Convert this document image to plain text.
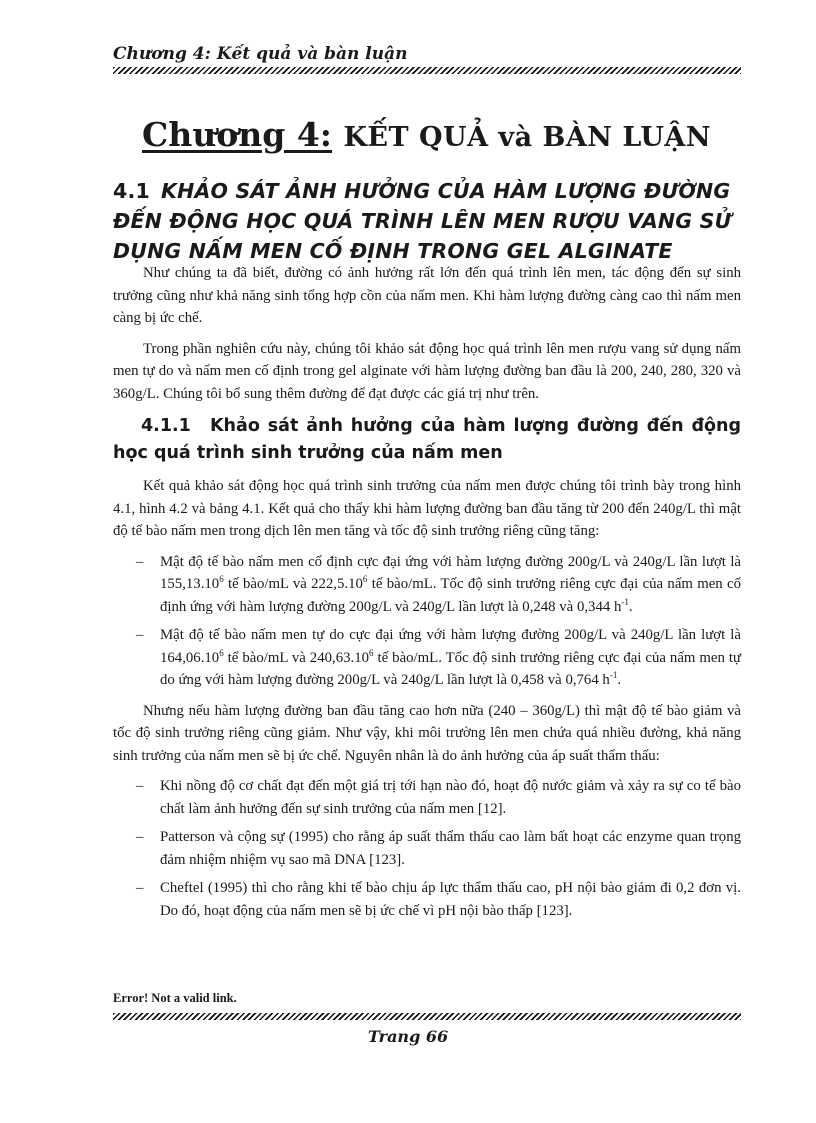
Chương 4: Kết quả và bàn luận
Chương 4: KẾT QUẢ và BÀN LUẬN
4.1 KHẢO SÁT ẢNH HƯỞNG CỦA HÀM LƯỢNG ĐƯỜNG ĐẾN ĐỘNG HỌC QUÁ TRÌNH LÊN MEN RƯỢU VANG SỬ DỤNG NẤM MEN CỐ ĐỊNH TRONG GEL ALGINATE

Như chúng ta đã biết, đường có ảnh hưởng rất lớn đến quá trình lên men, tác động đến sự sinh trưởng cũng như khả năng sinh tổng hợp cồn của nấm men. Khi hàm lượng đường càng cao thì nấm men càng bị ức chế.

Trong phần nghiên cứu này, chúng tôi khảo sát động học quá trình lên men rượu vang sử dụng nấm men tự do và nấm men cố định trong gel alginate với hàm lượng đường ban đầu là 200, 240, 280, 320 và 360g/L. Chúng tôi bổ sung thêm đường để đạt được các giá trị như trên.

4.1.1 Khảo sát ảnh hưởng của hàm lượng đường đến động học quá trình sinh trưởng của nấm men

Kết quả khảo sát động học quá trình sinh trưởng của nấm men được chúng tôi trình bày trong hình 4.1, hình 4.2 và bảng 4.1. Kết quả cho thấy khi hàm lượng đường ban đầu tăng từ 200 đến 240g/L thì mật độ tế bào nấm men trong dịch lên men tăng và tốc độ sinh trưởng riêng cũng tăng:

– Mật độ tế bào nấm men cố định cực đại ứng với hàm lượng đường 200g/L và 240g/L lần lượt là 155,13.10$^6$ tế bào/mL và 222,5.10$^6$ tế bào/mL. Tốc độ sinh trưởng riêng cực đại của nấm men cố định ứng với hàm lượng đường 200g/L và 240g/L lần lượt là 0,248 và 0,344 $h^{-1}$.
– Mật độ tế bào nấm men tự do cực đại ứng với hàm lượng đường 200g/L và 240g/L lần lượt là 164,06.10$^6$ tế bào/mL và 240,63.10$^6$ tế bào/mL. Tốc độ sinh trưởng riêng cực đại của nấm men tự do ứng với hàm lượng đường 200g/L và 240g/L lần lượt là 0,458 và 0,764 $h^{-1}$.

Nhưng nếu hàm lượng đường ban đầu tăng cao hơn nữa (240 – 360g/L) thì mật độ tế bào giảm và tốc độ sinh trưởng riêng cũng giảm. Như vậy, khi môi trường lên men chứa quá nhiều đường, khả năng sinh trưởng của nấm men sẽ bị ức chế. Nguyên nhân là do ảnh hưởng của áp suất thẩm thấu:

– Khi nồng độ cơ chất đạt đến một giá trị tới hạn nào đó, hoạt độ nước giảm và xảy ra sự co tế bào chất làm ảnh hưởng đến sự sinh trưởng của nấm men [12].
– Patterson và cộng sự (1995) cho rằng áp suất thẩm thấu cao làm bất hoạt các enzyme quan trọng đảm nhiệm nhiệm vụ sao mã DNA [123].
– Cheftel (1995) thì cho rằng khi tế bào chịu áp lực thẩm thấu cao, pH nội bào giảm đi 0,2 đơn vị. Do đó, hoạt động của nấm men sẽ bị ức chế vì pH nội bào thấp [123].
Error! Not a valid link.
Trang 66
